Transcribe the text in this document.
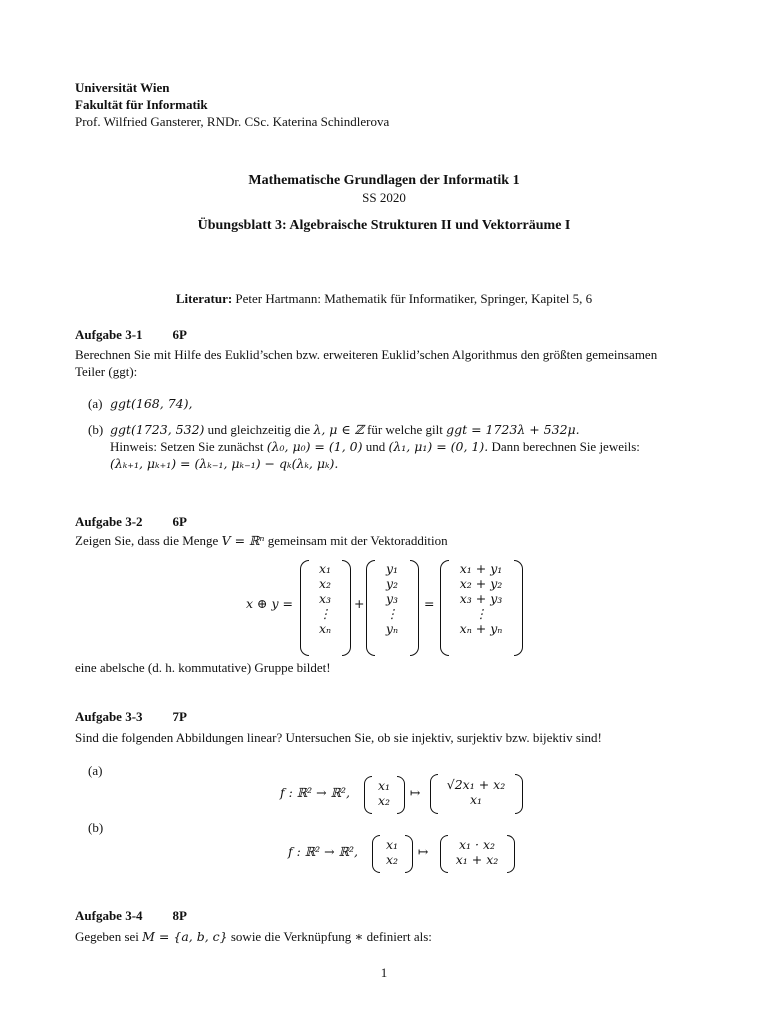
Universität Wien
Fakultät für Informatik
Prof. Wilfried Gansterer, RNDr. CSc. Katerina Schindlerova
Mathematische Grundlagen der Informatik 1
SS 2020
Übungsblatt 3: Algebraische Strukturen II und Vektorräume I
Literatur: Peter Hartmann: Mathematik für Informatiker, Springer, Kapitel 5, 6
Aufgabe 3-1 6P
Berechnen Sie mit Hilfe des Euklid’schen bzw. erweiteren Euklid’schen Algorithmus den größten gemeinsamen
Teiler (ggt):
(a) ggt(168, 74),
(b) ggt(1723, 532) und gleichzeitig die λ, μ ∈ ℤ für welche gilt ggt = 1723λ + 532μ.
Hinweis: Setzen Sie zunächst (λ₀, μ₀) = (1, 0) und (λ₁, μ₁) = (0, 1). Dann berechnen Sie jeweils:
(λₖ₊₁, μₖ₊₁) = (λₖ₋₁, μₖ₋₁) − qₖ(λₖ, μₖ).
Aufgabe 3-2 6P
Zeigen Sie, dass die Menge V = ℝⁿ gemeinsam mit der Vektoraddition
x ⊕ y =
x₁
x₂
x₃
⋮
xₙ
+
y₁
y₂
y₃
⋮
yₙ
=
x₁ + y₁
x₂ + y₂
x₃ + y₃
⋮
xₙ + yₙ
eine abelsche (d. h. kommutative) Gruppe bildet!
Aufgabe 3-3 7P
Sind die folgenden Abbildungen linear? Untersuchen Sie, ob sie injektiv, surjektiv bzw. bijektiv sind!
(a)
f : ℝ² → ℝ², x₁
x₂
↦
√2x₁ + x₂
x₁
(b)
f : ℝ² → ℝ², x₁
x₂
↦ x₁ · x₂
x₁ + x₂
Aufgabe 3-4 8P
Gegeben sei M = {a, b, c} sowie die Verknüpfung ∗ definiert als:
1
